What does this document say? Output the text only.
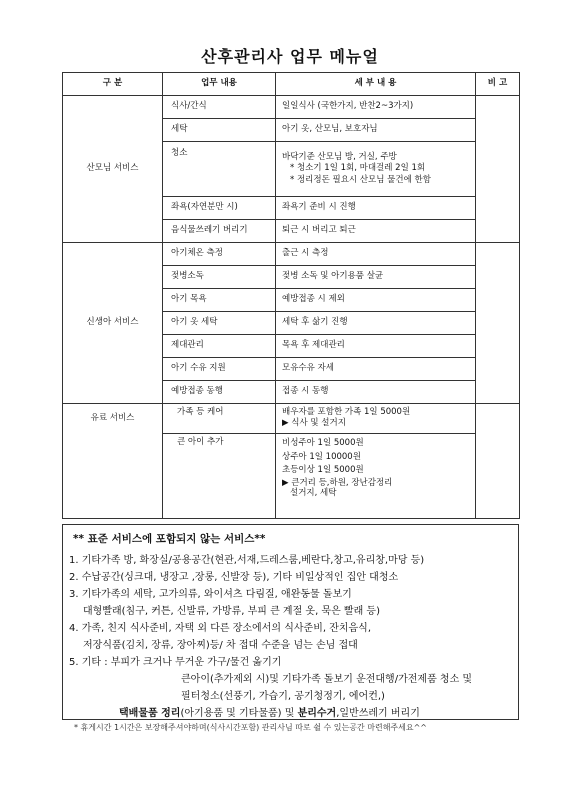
산후관리사 업무 메뉴얼
구 분	업무 내용	세 부 내 용	비 고
산모님 서비스	식사/간식	일일식사 (국한가지, 반찬2~3가지)	
	세탁	아기 옷, 산모님, 보호자님	
	청소	바닥기준 산모님 방, 거실, 주방
* 청소기 1일 1회, 마대걸레 2일 1회
* 정리정돈 필요시 산모님 물건에 한함	

	좌욕(자연분만 시)	좌욕기 준비 시 진행	
	음식물쓰레기 버리기	퇴근 시 버리고 퇴근	
신생아 서비스	아기체온 측정	출근 시 측정	
	젖병소독	젖병 소독 및 아기용품 살균	
	아기 목욕	예방접종 시 제외	
	아기 옷 세탁	세탁 후 삶기 진행	
	제대관리	목욕 후 제대관리	
	아기 수유 지원	모유수유 자세	
	예방접종 동행	접종 시 동행	
유료 서비스	가족 등 케어	배우자를 포함한 가족 1일 5000원
▶ 식사 및 설거지	

	큰 아이 추가	비성주아 1일 5000원
상주아 1일 10000원
초등이상 1일 5000원
▶ 큰거리 등,하원, 장난감정리
설거지, 세탁	
** 표준 서비스에 포함되지 않는 서비스**
1. 기타가족 방, 화장실/공용공간(현관,서재,드레스룸,베란다,창고,유리창,마당 등)
2. 수납공간(싱크대, 냉장고 ,장롱, 신발장 등), 기타 비일상적인 집안 대청소
3. 기타가족의 세탁, 고가의류, 와이셔츠 다림질, 애완동물 돌보기
대형빨래(침구, 커튼, 신발류, 가방류, 부피 큰 계절 옷, 묵은 빨래 등)
4. 가족, 친지 식사준비, 자택 외 다른 장소에서의 식사준비, 잔치음식,
저장식품(김치, 장류, 장아찌)등/ 차 접대 수준을 넘는 손님 접대
5. 기타 : 부피가 크거나 무거운 가구/물건 옮기기
큰아이(추가제외 시)및 기타가족 돌보기 운전대행/가전제품 청소 및
필터청소(선풍기, 가습기, 공기청정기, 에어컨,)
택배물품 정리(아기용품 및 기타물품) 및 분리수거,일반쓰레기 버리기
* 휴게시간 1시간은 보장해주셔야하며(식사시간포함) 관리사님 따로 쉴 수 있는공간 마련해주세요^^
